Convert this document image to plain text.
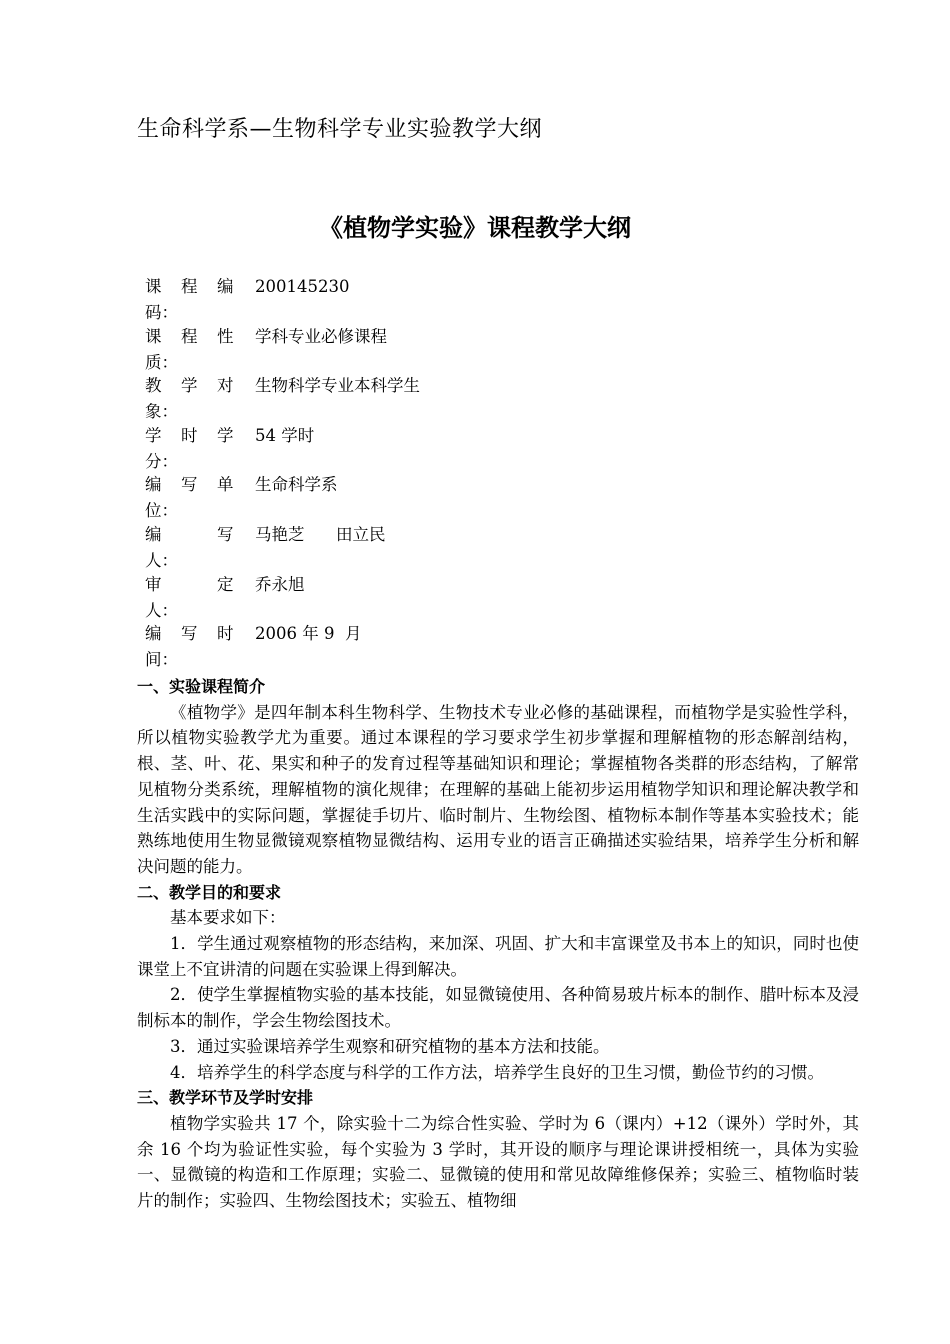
生命科学系—生物科学专业实验教学大纲
《植物学实验》课程教学大纲
课 程 编
码：
200145230
课 程 性
质：
学科专业必修课程
教 学 对
象：
生物科学专业本科学生
学 时 学
分：
54 学时
编 写 单
位：
生命科学系
编	写
人：
马艳芝      田立民
审	定
人：
乔永旭
编 写 时
间：
2006 年 9  月
一、实验课程简介

《植物学》是四年制本科生物科学、生物技术专业必修的基础课程，而植物学是实验性学科，所以植物实验教学尤为重要。通过本课程的学习要求学生初步掌握和理解植物的形态解剖结构，根、茎、叶、花、果实和种子的发育过程等基础知识和理论；掌握植物各类群的形态结构，了解常见植物分类系统，理解植物的演化规律；在理解的基础上能初步运用植物学知识和理论解决教学和生活实践中的实际问题，掌握徒手切片、临时制片、生物绘图、植物标本制作等基本实验技术；能熟练地使用生物显微镜观察植物显微结构、运用专业的语言正确描述实验结果，培养学生分析和解决问题的能力。

二、教学目的和要求

基本要求如下：

1．学生通过观察植物的形态结构，来加深、巩固、扩大和丰富课堂及书本上的知识，同时也使课堂上不宜讲清的问题在实验课上得到解决。

2．使学生掌握植物实验的基本技能，如显微镜使用、各种简易玻片标本的制作、腊叶标本及浸制标本的制作，学会生物绘图技术。

3．通过实验课培养学生观察和研究植物的基本方法和技能。

4．培养学生的科学态度与科学的工作方法，培养学生良好的卫生习惯，勤俭节约的习惯。

三、教学环节及学时安排

植物学实验共 17 个，除实验十二为综合性实验、学时为 6（课内）+12（课外）学时外，其余 16 个均为验证性实验，每个实验为 3 学时，其开设的顺序与理论课讲授相统一，具体为实验一、显微镜的构造和工作原理；实验二、显微镜的使用和常见故障维修保养；实验三、植物临时装片的制作；实验四、生物绘图技术；实验五、植物细
